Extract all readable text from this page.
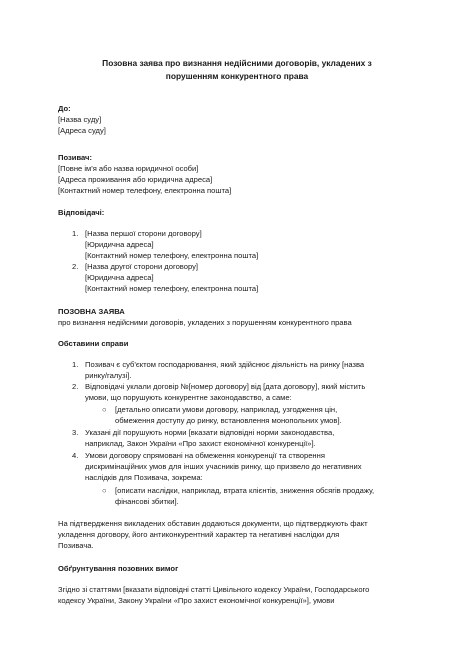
Позовна заява про визнання недійсними договорів, укладених з
порушенням конкурентного права
До:
[Назва суду]
[Адреса суду]
Позивач:
[Повне ім'я або назва юридичної особи]
[Адреса проживання або юридична адреса]
[Контактний номер телефону, електронна пошта]
Відповідачі:
1. [Назва першої сторони договору]
[Юридична адреса]
[Контактний номер телефону, електронна пошта]
2. [Назва другої сторони договору]
[Юридична адреса]
[Контактний номер телефону, електронна пошта]
ПОЗОВНА ЗАЯВА
про визнання недійсними договорів, укладених з порушенням конкурентного права
Обставини справи
1. Позивач є суб'єктом господарювання, який здійснює діяльність на ринку [назва
ринку/галузі].
2. Відповідачі уклали договір №[номер договору] від [дата договору], який містить
умови, що порушують конкурентне законодавство, а саме:
○ [детально описати умови договору, наприклад, узгодження цін,
обмеження доступу до ринку, встановлення монопольних умов].
3. Указані дії порушують норми [вказати відповідні норми законодавства,
наприклад, Закон України «Про захист економічної конкуренції»].
4. Умови договору спрямовані на обмеження конкуренції та створення
дискримінаційних умов для інших учасників ринку, що призвело до негативних
наслідків для Позивача, зокрема:
○ [описати наслідки, наприклад, втрата клієнтів, зниження обсягів продажу,
фінансові збитки].
На підтвердження викладених обставин додаються документи, що підтверджують факт
укладення договору, його антиконкурентний характер та негативні наслідки для
Позивача.
Обґрунтування позовних вимог
Згідно зі статтями [вказати відповідні статті Цивільного кодексу України, Господарського
кодексу України, Закону України «Про захист економічної конкуренції»], умови
